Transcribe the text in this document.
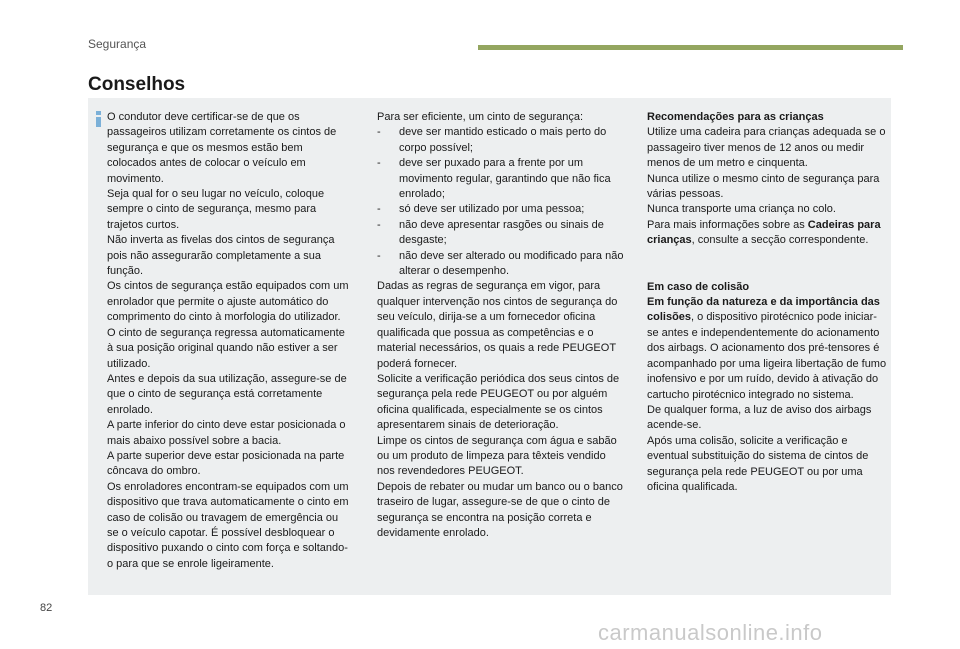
Segurança
Conselhos

O condutor deve certificar-se de que os passageiros utilizam corretamente os cintos de segurança e que os mesmos estão bem colocados antes de colocar o veículo em movimento.

Seja qual for o seu lugar no veículo, coloque sempre o cinto de segurança, mesmo para trajetos curtos.

Não inverta as fivelas dos cintos de segurança pois não assegurarão completamente a sua função.

Os cintos de segurança estão equipados com um enrolador que permite o ajuste automático do comprimento do cinto à morfologia do utilizador. O cinto de segurança regressa automaticamente à sua posição original quando não estiver a ser utilizado.

Antes e depois da sua utilização, assegure-se de que o cinto de segurança está corretamente enrolado.

A parte inferior do cinto deve estar posicionada o mais abaixo possível sobre a bacia.

A parte superior deve estar posicionada na parte côncava do ombro.

Os enroladores encontram-se equipados com um dispositivo que trava automaticamente o cinto em caso de colisão ou travagem de emergência ou se o veículo capotar. É possível desbloquear o dispositivo puxando o cinto com força e soltando-o para que se enrole ligeiramente.

Para ser eficiente, um cinto de segurança:

-	deve ser mantido esticado o mais perto do corpo possível;
-	deve ser puxado para a frente por um movimento regular, garantindo que não fica enrolado;
-	só deve ser utilizado por uma pessoa;
-	não deve apresentar rasgões ou sinais de desgaste;
-	não deve ser alterado ou modificado para não alterar o desempenho.

Dadas as regras de segurança em vigor, para qualquer intervenção nos cintos de segurança do seu veículo, dirija-se a um fornecedor oficina qualificada que possua as competências e o material necessários, os quais a rede PEUGEOT poderá fornecer.

Solicite a verificação periódica dos seus cintos de segurança pela rede PEUGEOT ou por alguém oficina qualificada, especialmente se os cintos apresentarem sinais de deterioração.

Limpe os cintos de segurança com água e sabão ou um produto de limpeza para têxteis vendido nos revendedores PEUGEOT.

Depois de rebater ou mudar um banco ou o banco traseiro de lugar, assegure-se de que o cinto de segurança se encontra na posição correta e devidamente enrolado.

Recomendações para as crianças

Utilize uma cadeira para crianças adequada se o passageiro tiver menos de 12 anos ou medir menos de um metro e cinquenta.

Nunca utilize o mesmo cinto de segurança para várias pessoas.

Nunca transporte uma criança no colo.

Para mais informações sobre as Cadeiras para crianças, consulte a secção correspondente.

Em caso de colisão

Em função da natureza e da importância das colisões, o dispositivo pirotécnico pode iniciar-se antes e independentemente do acionamento dos airbags. O acionamento dos pré-tensores é acompanhado por uma ligeira libertação de fumo inofensivo e por um ruído, devido à ativação do cartucho pirotécnico integrado no sistema.

De qualquer forma, a luz de aviso dos airbags acende-se.

Após uma colisão, solicite a verificação e eventual substituição do sistema de cintos de segurança pela rede PEUGEOT ou por uma oficina qualificada.

82
carmanualsonline.info
